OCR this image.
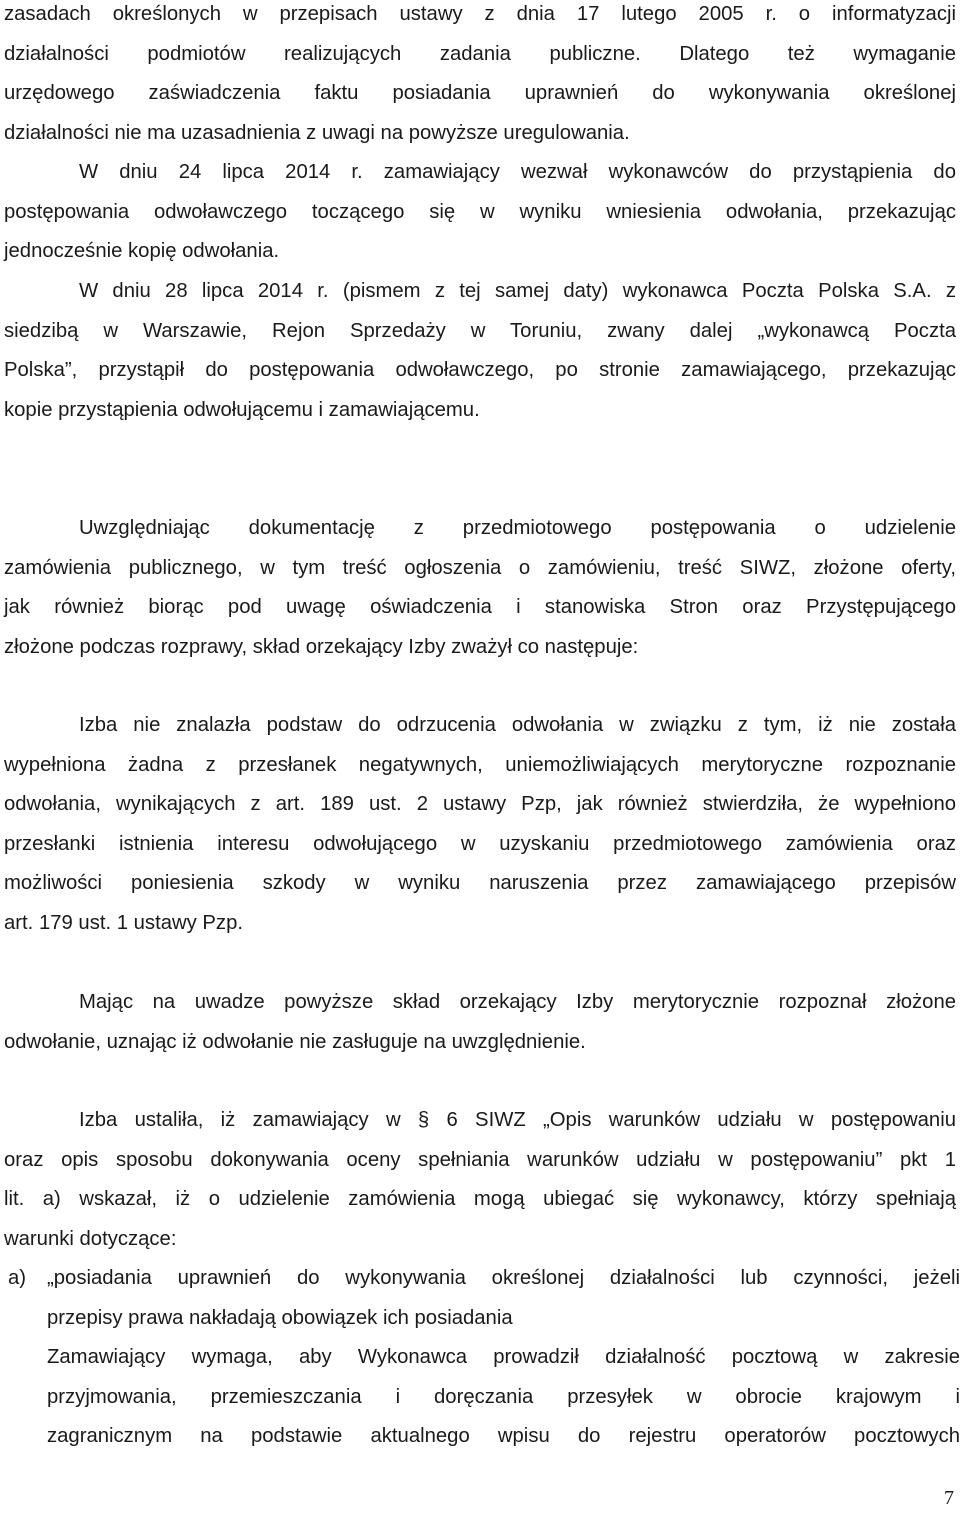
zasadach określonych w przepisach ustawy z dnia 17 lutego 2005 r. o informatyzacji
działalności podmiotów realizujących zadania publiczne. Dlatego też wymaganie
urzędowego zaświadczenia faktu posiadania uprawnień do wykonywania określonej
działalności nie ma uzasadnienia z uwagi na powyższe uregulowania.
W dniu 24 lipca 2014 r. zamawiający wezwał wykonawców do przystąpienia do
postępowania odwoławczego toczącego się w wyniku wniesienia odwołania, przekazując
jednocześnie kopię odwołania.
W dniu 28 lipca 2014 r. (pismem z tej samej daty) wykonawca Poczta Polska S.A. z
siedzibą w Warszawie, Rejon Sprzedaży w Toruniu, zwany dalej „wykonawcą Poczta
Polska”, przystąpił do postępowania odwoławczego, po stronie zamawiającego, przekazując
kopie przystąpienia odwołującemu i zamawiającemu.
Uwzględniając dokumentację z przedmiotowego postępowania o udzielenie
zamówienia publicznego, w tym treść ogłoszenia o zamówieniu, treść SIWZ, złożone oferty,
jak również biorąc pod uwagę oświadczenia i stanowiska Stron oraz Przystępującego
złożone podczas rozprawy, skład orzekający Izby zważył co następuje:
Izba nie znalazła podstaw do odrzucenia odwołania w związku z tym, iż nie została
wypełniona żadna z przesłanek negatywnych, uniemożliwiających merytoryczne rozpoznanie
odwołania, wynikających z art. 189 ust. 2 ustawy Pzp, jak również stwierdziła, że wypełniono
przesłanki istnienia interesu odwołującego w uzyskaniu przedmiotowego zamówienia oraz
możliwości poniesienia szkody w wyniku naruszenia przez zamawiającego przepisów
art. 179 ust. 1 ustawy Pzp.
Mając na uwadze powyższe skład orzekający Izby merytorycznie rozpoznał złożone
odwołanie, uznając iż odwołanie nie zasługuje na uwzględnienie.
Izba ustaliła, iż zamawiający w § 6 SIWZ „Opis warunków udziału w postępowaniu
oraz opis sposobu dokonywania oceny spełniania warunków udziału w postępowaniu” pkt 1
lit. a) wskazał, iż o udzielenie zamówienia mogą ubiegać się wykonawcy, którzy spełniają
warunki dotyczące:
a) „posiadania uprawnień do wykonywania określonej działalności lub czynności, jeżeli
przepisy prawa nakładają obowiązek ich posiadania
Zamawiający wymaga, aby Wykonawca prowadził działalność pocztową w zakresie
przyjmowania, przemieszczania i doręczania przesyłek w obrocie krajowym i
zagranicznym na podstawie aktualnego wpisu do rejestru operatorów pocztowych
7
